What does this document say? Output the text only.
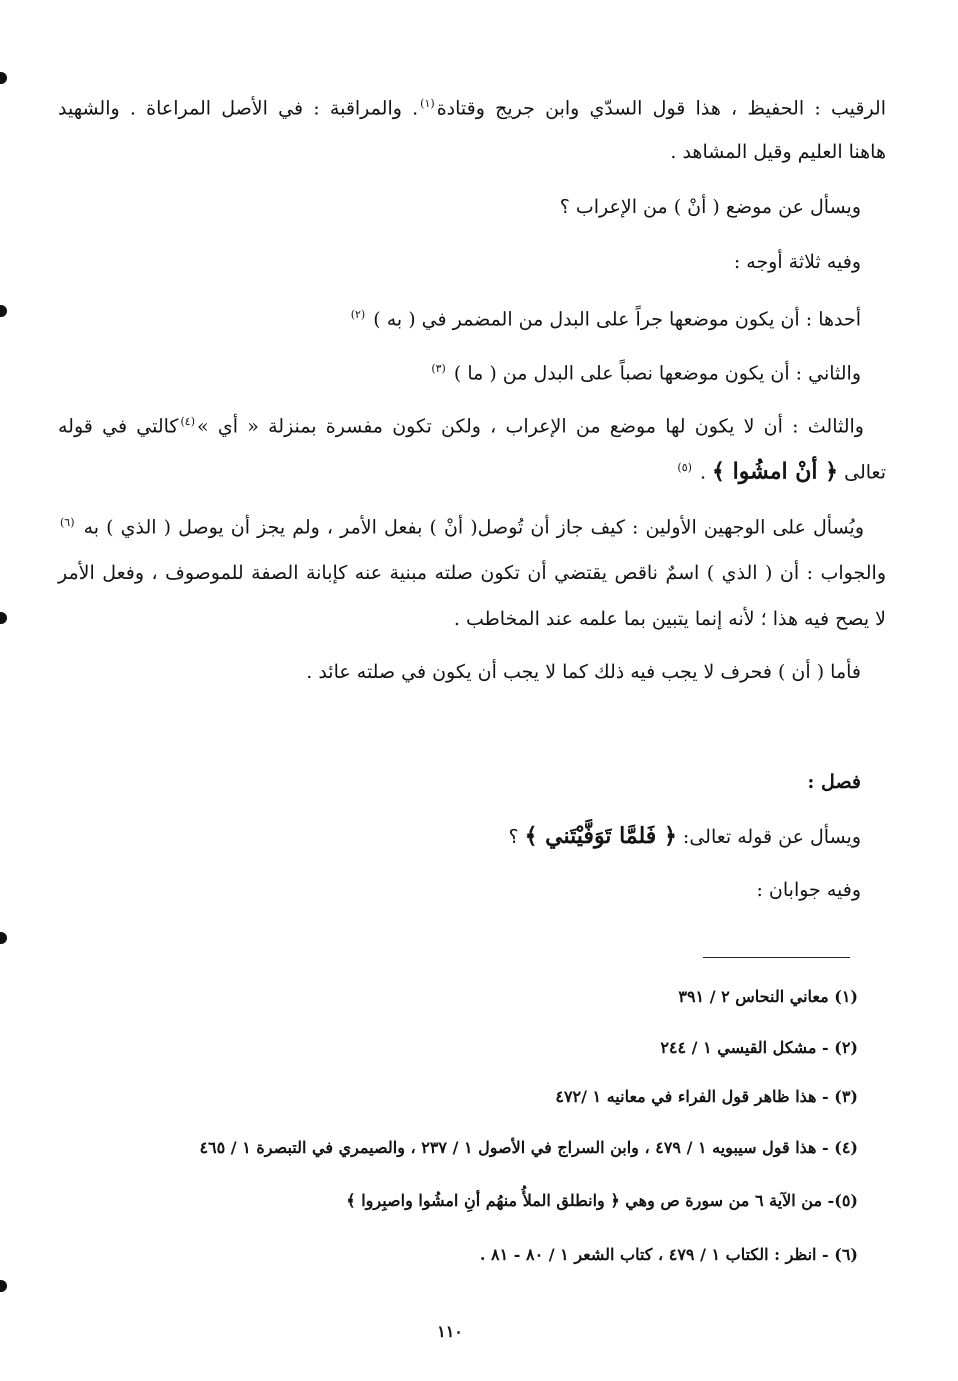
الرقيب : الحفيظ ، هذا قول السدّي وابن جريج وقتادة$^{(١)}$. والمراقبة : في الأصل المراعاة . والشهيد
هاهنا العليم وقيل المشاهد .
ويسأل عن موضع ( أنْ ) من الإعراب ؟
وفيه ثلاثة أوجه :
أحدها : أن يكون موضعها جراً على البدل من المضمر في ( به ) $^{(٢)}$
والثاني : أن يكون موضعها نصباً على البدل من ( ما ) $^{(٣)}$
والثالث : أن لا يكون لها موضع من الإعراب ، ولكن تكون مفسرة بمنزلة « أي »$^{(٤)}$كالتي في قوله
تعالى ﴿ أنْ امشُوا ﴾ . $^{(٥)}$
ويُسأل على الوجهين الأولين : كيف جاز أن تُوصل( أنْ ) بفعل الأمر ، ولم يجز أن يوصل ( الذي ) به $^{(٦)}$
والجواب : أن ( الذي ) اسمٌ ناقص يقتضي أن تكون صلته مبنية عنه كإبانة الصفة للموصوف ، وفعل الأمر
لا يصح فيه هذا ؛ لأنه إنما يتبين بما علمه عند المخاطب .
فأما ( أن ) فحرف لا يجب فيه ذلك كما لا يجب أن يكون في صلته عائد .
فصل :
ويسأل عن قوله تعالى: ﴿ فَلمَّا تَوَفَّيْتَني ﴾ ؟
وفيه جوابان :
(١) معاني النحاس ٢ / ٣٩١
(٢) - مشكل القيسي ١ / ٢٤٤
(٣) - هذا ظاهر قول الفراء في معانيه ١ /٤٧٢
(٤) - هذا قول سيبويه ١ / ٤٧٩ ، وابن السراج في الأصول ١ / ٢٣٧ ، والصيمري في التبصرة ١ / ٤٦٥
(٥)- من الآية ٦ من سورة ص وهي ﴿ وانطلق الملأُ منهُم أنِ امشُوا واصبِروا ﴾
(٦) - انظر : الكتاب ١ / ٤٧٩ ، كتاب الشعر ١ / ٨٠ - ٨١ .
١١٠
